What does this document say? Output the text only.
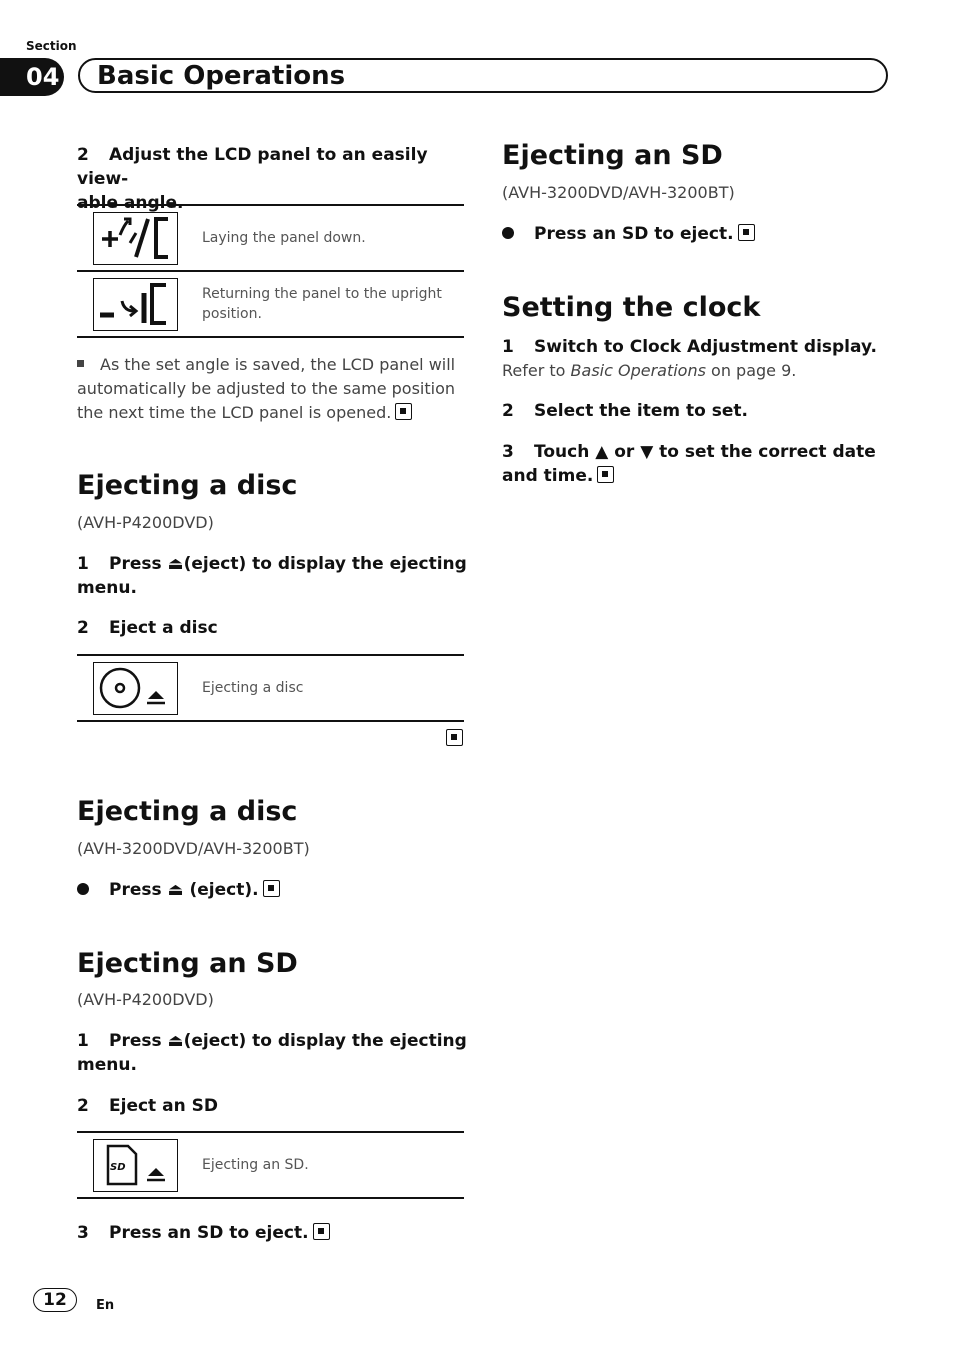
Section
04 Basic Operations
2 Adjust the LCD panel to an easily view-
able angle.
Laying the panel down.
Returning the panel to the upright position.
As the set angle is saved, the LCD panel will
automatically be adjusted to the same position
the next time the LCD panel is opened.
Ejecting a disc
(AVH-P4200DVD)
1 Press ⏏(eject) to display the ejecting
menu.
2 Eject a disc
Ejecting a disc
Ejecting a disc
(AVH-3200DVD/AVH-3200BT)
Press ⏏ (eject).
Ejecting an SD
(AVH-P4200DVD)
1 Press ⏏(eject) to display the ejecting
menu.
2 Eject an SD
SD	Ejecting an SD.
3 Press an SD to eject.
Ejecting an SD
(AVH-3200DVD/AVH-3200BT)
Press an SD to eject.
Setting the clock
1 Switch to Clock Adjustment display.
Refer to Basic Operations on page 9.
2 Select the item to set.
3 Touch ▲ or ▼ to set the correct date
and time.
12	En
